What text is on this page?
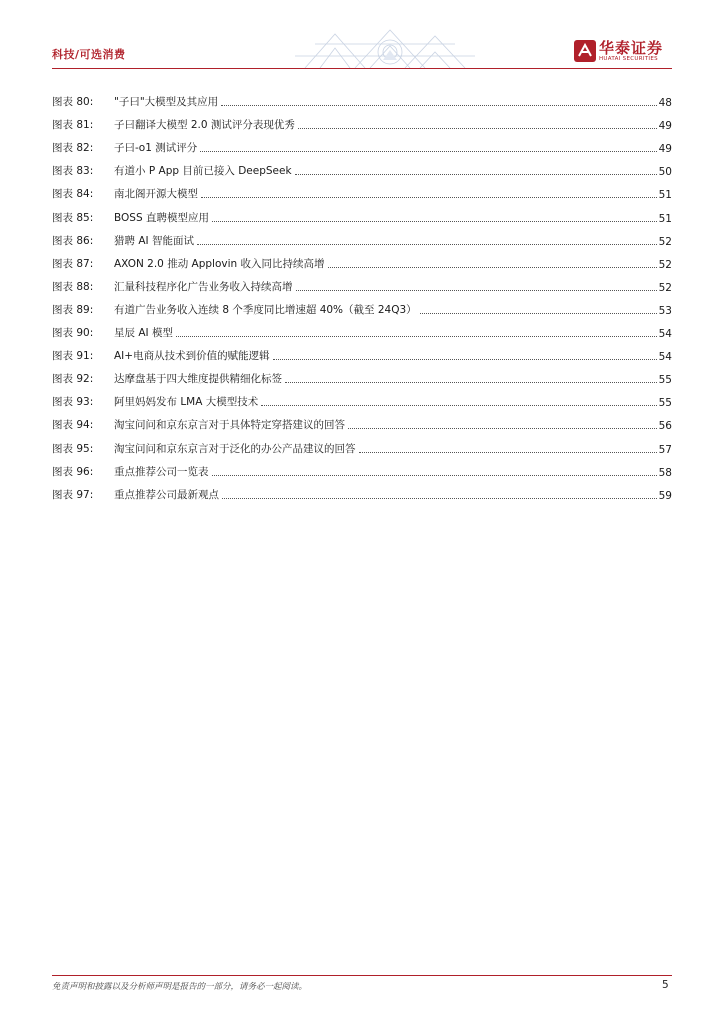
科技/可选消费	华泰证券
HUATAI SECURITIES
图表 80:	"子曰"大模型及其应用	48
图表 81:	子曰翻译大模型 2.0 测试评分表现优秀	49
图表 82:	子曰-o1 测试评分	49
图表 83:	有道小 P App 目前已接入 DeepSeek	50
图表 84:	南北阁开源大模型	51
图表 85:	BOSS 直聘模型应用	51
图表 86:	猎聘 AI 智能面试	52
图表 87:	AXON 2.0 推动 Applovin 收入同比持续高增	52
图表 88:	汇量科技程序化广告业务收入持续高增	52
图表 89:	有道广告业务收入连续 8 个季度同比增速超 40%（截至 24Q3）	53
图表 90:	星辰 AI 模型	54
图表 91:	AI+电商从技术到价值的赋能逻辑	54
图表 92:	达摩盘基于四大维度提供精细化标签	55
图表 93:	阿里妈妈发布 LMA 大模型技术	55
图表 94:	淘宝问问和京东京言对于具体特定穿搭建议的回答	56
图表 95:	淘宝问问和京东京言对于泛化的办公产品建议的回答	57
图表 96:	重点推荐公司一览表	58
图表 97:	重点推荐公司最新观点	59
免责声明和披露以及分析师声明是报告的一部分，请务必一起阅读。	5
